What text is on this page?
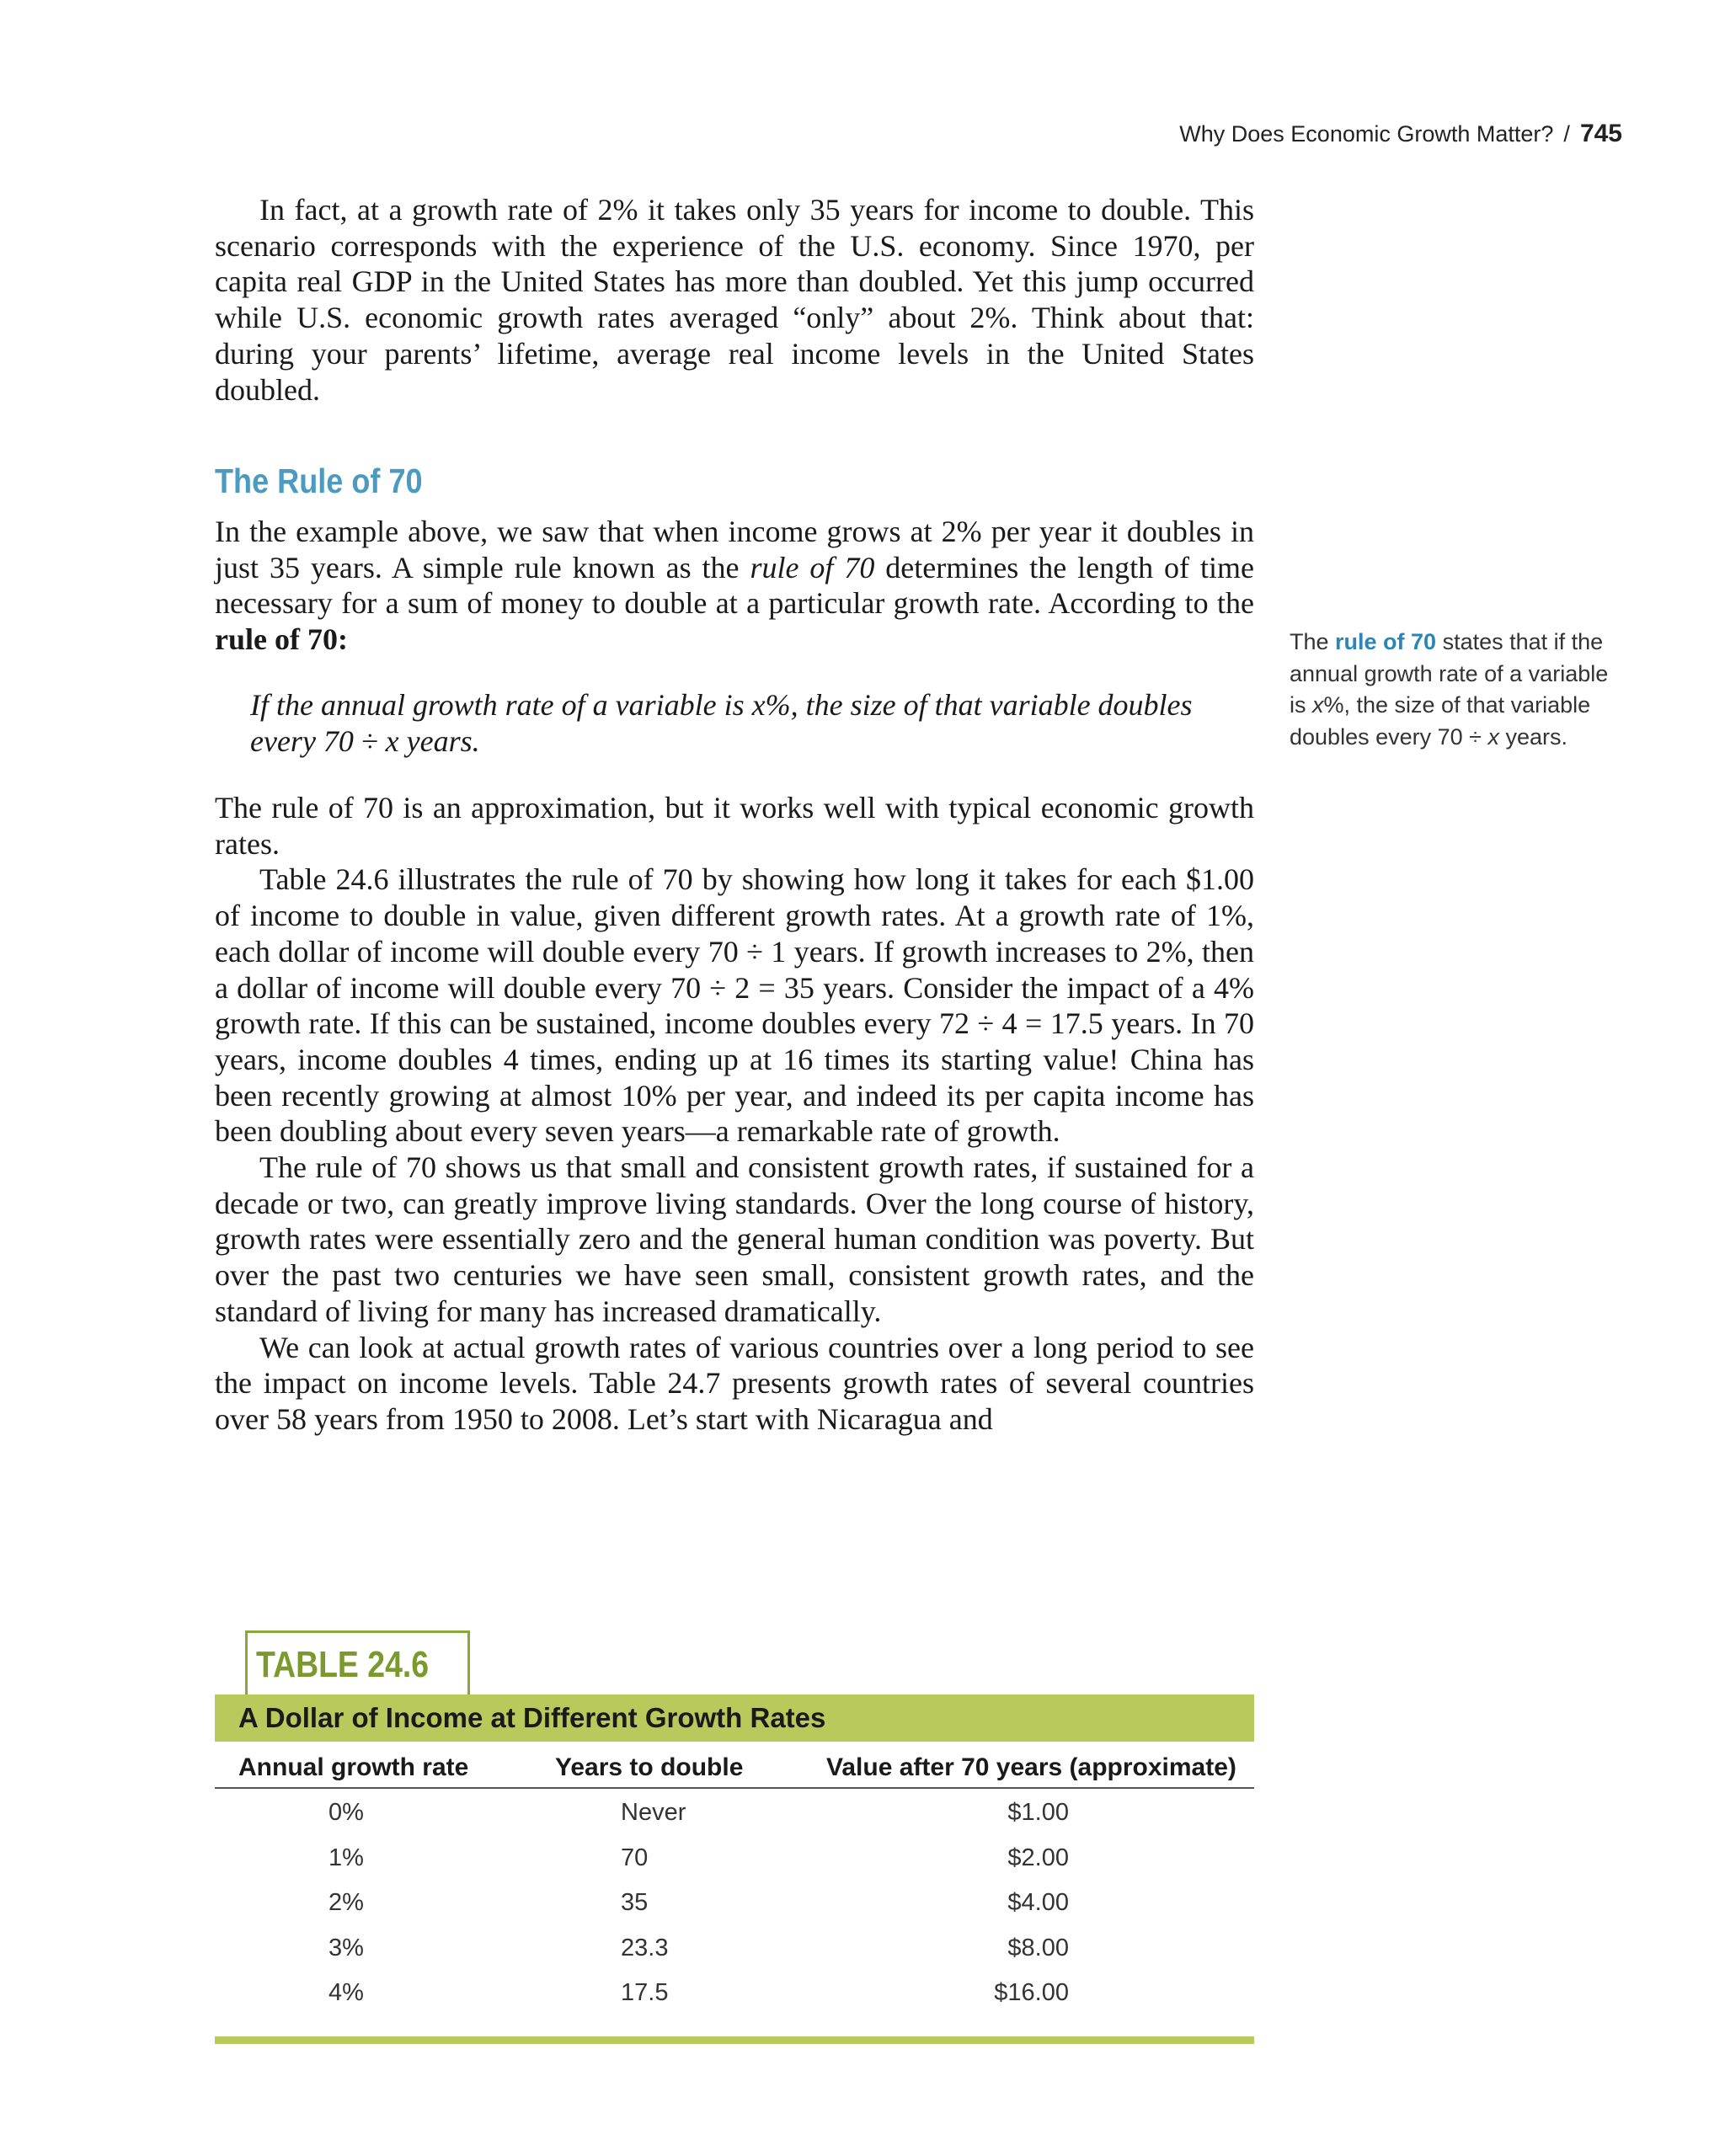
Why Does Economic Growth Matter? / 745

In fact, at a growth rate of 2% it takes only 35 years for income to double. This scenario corresponds with the experience of the U.S. economy. Since 1970, per capita real GDP in the United States has more than doubled. Yet this jump occurred while U.S. economic growth rates averaged “only” about 2%. Think about that: during your parents’ lifetime, average real income levels in the United States doubled.

The Rule of 70

In the example above, we saw that when income grows at 2% per year it doubles in just 35 years. A simple rule known as the rule of 70 determines the length of time necessary for a sum of money to double at a particular growth rate. According to the rule of 70:

If the annual growth rate of a variable is x%, the size of that variable doubles every 70 ÷ x years.

The rule of 70 is an approximation, but it works well with typical economic growth rates.

Table 24.6 illustrates the rule of 70 by showing how long it takes for each $1.00 of income to double in value, given different growth rates. At a growth rate of 1%, each dollar of income will double every 70 ÷ 1 years. If growth increases to 2%, then a dollar of income will double every 70 ÷ 2 = 35 years. Consider the impact of a 4% growth rate. If this can be sustained, income doubles every 72 ÷ 4 = 17.5 years. In 70 years, income doubles 4 times, ending up at 16 times its starting value! China has been recently growing at almost 10% per year, and indeed its per capita income has been doubling about every seven years—a remarkable rate of growth.

The rule of 70 shows us that small and consistent growth rates, if sustained for a decade or two, can greatly improve living standards. Over the long course of history, growth rates were essentially zero and the general human condition was poverty. But over the past two centuries we have seen small, consistent growth rates, and the standard of living for many has increased dramatically.

We can look at actual growth rates of various countries over a long period to see the impact on income levels. Table 24.7 presents growth rates of several countries over 58 years from 1950 to 2008. Let’s start with Nicaragua and

The rule of 70 states that if the annual growth rate of a variable is x%, the size of that variable doubles every 70 ÷ x years.
TABLE 24.6
A Dollar of Income at Different Growth Rates
Annual growth rate	Years to double	Value after 70 years (approximate)
0%	Never	$1.00
1%	70	$2.00
2%	35	$4.00
3%	23.3	$8.00
4%	17.5	$16.00
